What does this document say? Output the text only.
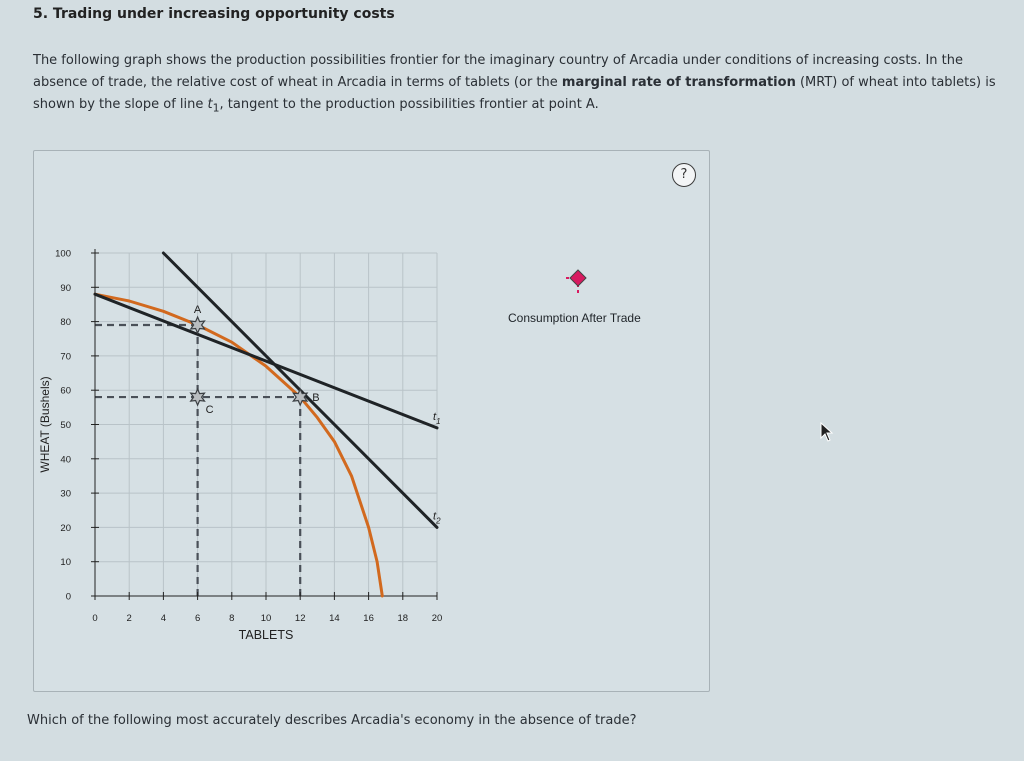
5. Trading under increasing opportunity costs

The following graph shows the production possibilities frontier for the imaginary country of Arcadia under conditions of increasing costs. In the absence of trade, the relative cost of wheat in Arcadia in terms of tablets (or the marginal rate of transformation (MRT) of wheat into tablets) is shown by the slope of line $t_1$, tangent to the production possibilities frontier at point A.

?
Consumption After Trade
0	2	4	6	8	10 12 14 16 18 20
0
10
20
30
40
50
60
70
80
90
100
TABLETS
WHEAT (Bushels)	$t_1$
$t_2$
A
B
C
Which of the following most accurately describes Arcadia's economy in the absence of trade?
